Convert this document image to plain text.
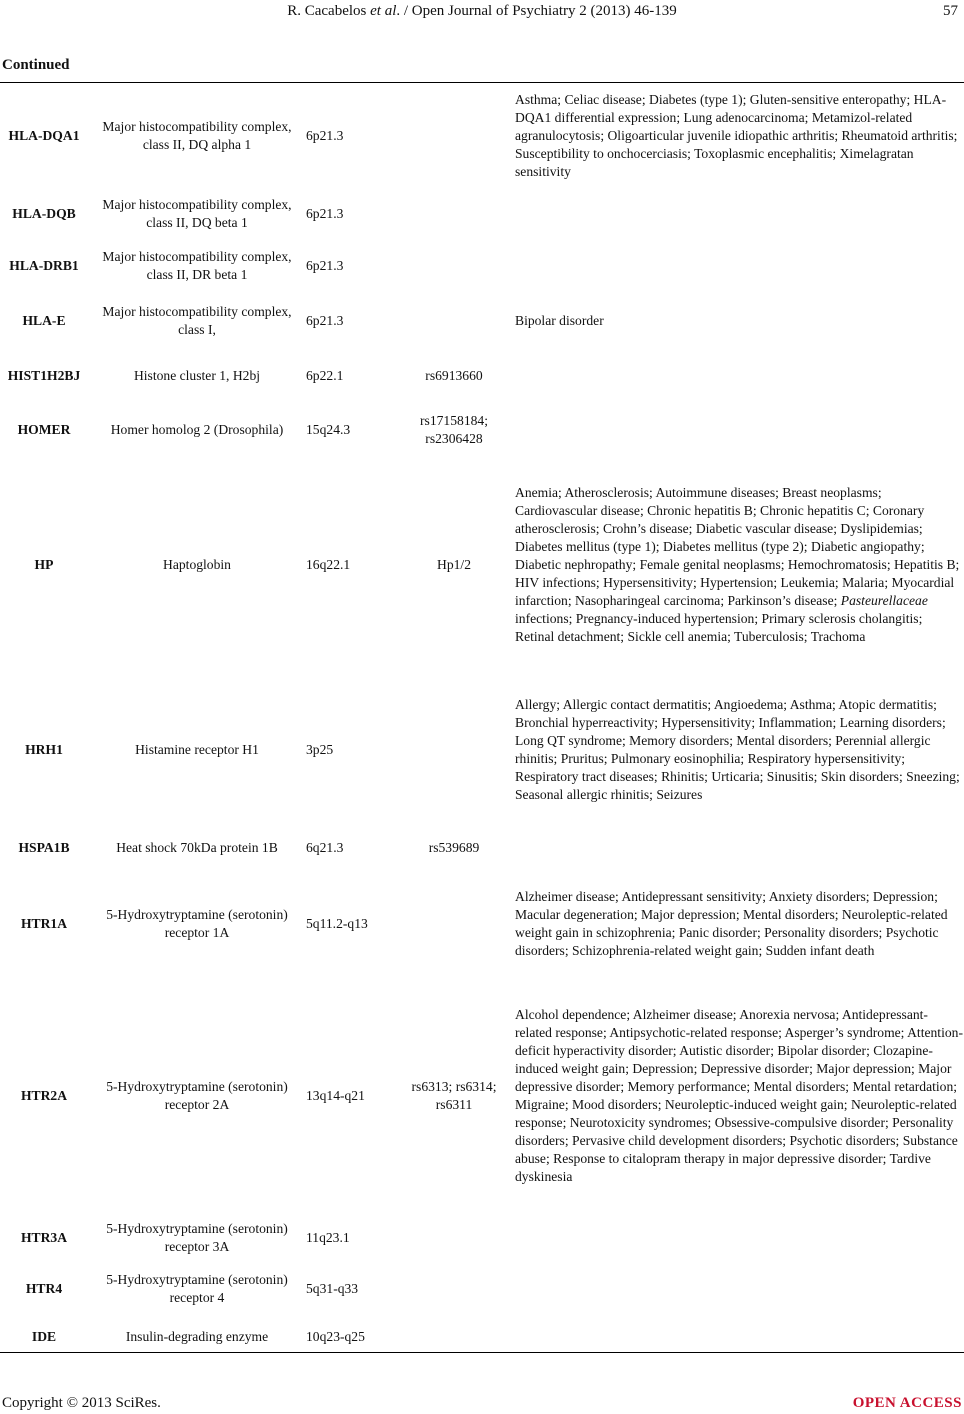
R. Cacabelos et al. / Open Journal of Psychiatry 2 (2013) 46-139	57
Continued
HLA-DQA1	Major histocompatibility complex, class II, DQ alpha 1	6p21.3		Asthma; Celiac disease; Diabetes (type 1); Gluten-sensitive enteropathy; HLA-DQA1 differential expression; Lung adenocarcinoma; Metamizol-related agranulocytosis; Oligoarticular juvenile idiopathic arthritis; Rheumatoid arthritis; Susceptibility to onchocerciasis; Toxoplasmic encephalitis; Ximelagratan sensitivity
HLA-DQB	Major histocompatibility complex, class II, DQ beta 1	6p21.3		
HLA-DRB1	Major histocompatibility complex, class II, DR beta 1	6p21.3		
HLA-E	Major histocompatibility complex, class I,	6p21.3		Bipolar disorder
HIST1H2BJ	Histone cluster 1, H2bj	6p22.1	rs6913660	
HOMER	Homer homolog 2 (Drosophila)	15q24.3	rs17158184; rs2306428	
HP	Haptoglobin	16q22.1	Hp1/2	Anemia; Atherosclerosis; Autoimmune diseases; Breast neoplasms; Cardiovascular disease; Chronic hepatitis B; Chronic hepatitis C; Coronary atherosclerosis; Crohn’s disease; Diabetic vascular disease; Dyslipidemias; Diabetes mellitus (type 1); Diabetes mellitus (type 2); Diabetic angiopathy; Diabetic nephropathy; Female genital neoplasms; Hemochromatosis; Hepatitis B; HIV infections; Hypersensitivity; Hypertension; Leukemia; Malaria; Myocardial infarction; Nasopharingeal carcinoma; Parkinson’s disease; Pasteurellaceae infections; Pregnancy-induced hypertension; Primary sclerosis cholangitis; Retinal detachment; Sickle cell anemia; Tuberculosis; Trachoma
HRH1	Histamine receptor H1	3p25		Allergy; Allergic contact dermatitis; Angioedema; Asthma; Atopic dermatitis; Bronchial hyperreactivity; Hypersensitivity; Inflammation; Learning disorders; Long QT syndrome; Memory disorders; Mental disorders; Perennial allergic rhinitis; Pruritus; Pulmonary eosinophilia; Respiratory hypersensitivity; Respiratory tract diseases; Rhinitis; Urticaria; Sinusitis; Skin disorders; Sneezing; Seasonal allergic rhinitis; Seizures
HSPA1B	Heat shock 70kDa protein 1B	6q21.3	rs539689	
HTR1A	5-Hydroxytryptamine (serotonin) receptor 1A	5q11.2-q13		Alzheimer disease; Antidepressant sensitivity; Anxiety disorders; Depression; Macular degeneration; Major depression; Mental disorders; Neuroleptic-related weight gain in schizophrenia; Panic disorder; Personality disorders; Psychotic disorders; Schizophrenia-related weight gain; Sudden infant death
HTR2A	5-Hydroxytryptamine (serotonin) receptor 2A	13q14-q21	rs6313; rs6314; rs6311	Alcohol dependence; Alzheimer disease; Anorexia nervosa; Antidepressant-related response; Antipsychotic-related response; Asperger’s syndrome; Attention-deficit hyperactivity disorder; Autistic disorder; Bipolar disorder; Clozapine-induced weight gain; Depression; Depressive disorder; Major depression; Major depressive disorder; Memory performance; Mental disorders; Mental retardation; Migraine; Mood disorders; Neuroleptic-induced weight gain; Neuroleptic-related response; Neurotoxicity syndromes; Obsessive-compulsive disorder; Personality disorders; Pervasive child development disorders; Psychotic disorders; Substance abuse; Response to citalopram therapy in major depressive disorder; Tardive dyskinesia
HTR3A	5-Hydroxytryptamine (serotonin) receptor 3A	11q23.1		
HTR4	5-Hydroxytryptamine (serotonin) receptor 4	5q31-q33		
IDE	Insulin-degrading enzyme	10q23-q25		
Copyright © 2013 SciRes.	OPEN ACCESS
